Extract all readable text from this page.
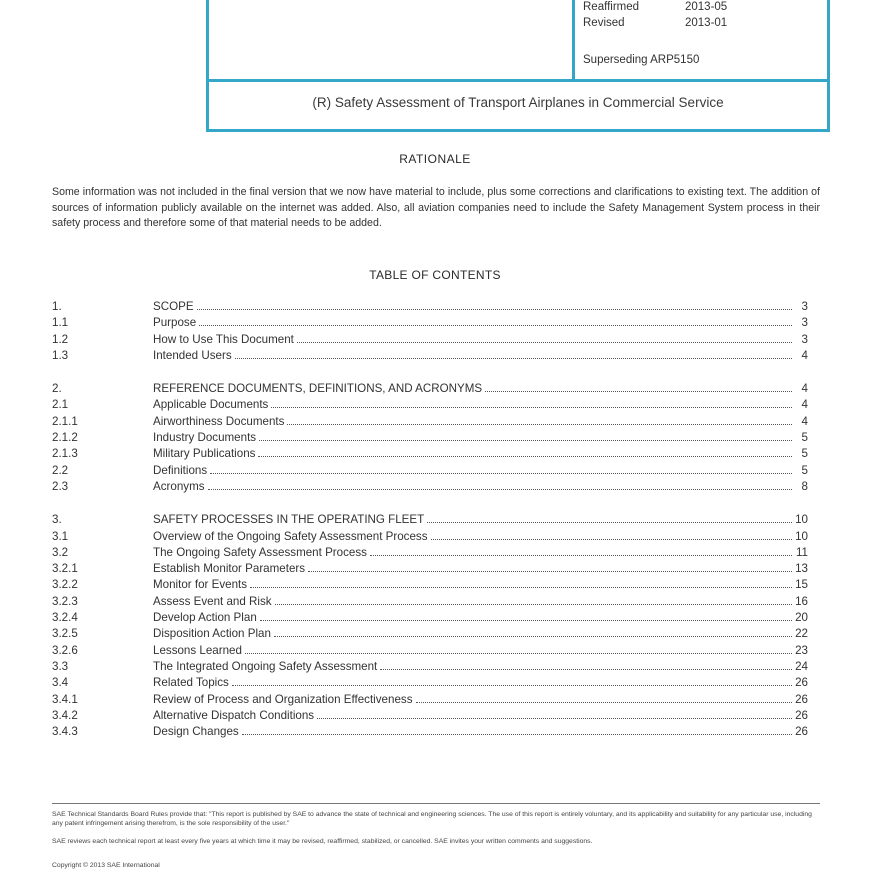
Reaffirmed	2013-05
Revised	2013-01
Superseding ARP5150
(R) Safety Assessment of Transport Airplanes in Commercial Service
RATIONALE

Some information was not included in the final version that we now have material to include, plus some corrections and clarifications to existing text. The addition of sources of information publicly available on the internet was added. Also, all aviation companies need to include the Safety Management System process in their safety process and therefore some of that material needs to be added.

TABLE OF CONTENTS
1.	SCOPE	3
1.1	Purpose	3
1.2	How to Use This Document	3
1.3	Intended Users	4
2.	REFERENCE DOCUMENTS, DEFINITIONS, AND ACRONYMS	4
2.1	Applicable Documents	4
2.1.1	Airworthiness Documents	4
2.1.2	Industry Documents	5
2.1.3	Military Publications	5
2.2	Definitions	5
2.3	Acronyms	8
3.	SAFETY PROCESSES IN THE OPERATING FLEET	10
3.1	Overview of the Ongoing Safety Assessment Process	10
3.2	The Ongoing Safety Assessment Process	11
3.2.1	Establish Monitor Parameters	13
3.2.2	Monitor for Events	15
3.2.3	Assess Event and Risk	16
3.2.4	Develop Action Plan	20
3.2.5	Disposition Action Plan	22
3.2.6	Lessons Learned	23
3.3	The Integrated Ongoing Safety Assessment	24
3.4	Related Topics	26
3.4.1	Review of Process and Organization Effectiveness	26
3.4.2	Alternative Dispatch Conditions	26
3.4.3	Design Changes	26

SAE Technical Standards Board Rules provide that: "This report is published by SAE to advance the state of technical and engineering sciences. The use of this report is entirely voluntary, and its applicability and suitability for any particular use, including any patent infringement arising therefrom, is the sole responsibility of the user."

SAE reviews each technical report at least every five years at which time it may be revised, reaffirmed, stabilized, or cancelled. SAE invites your written comments and suggestions.

Copyright © 2013 SAE International
